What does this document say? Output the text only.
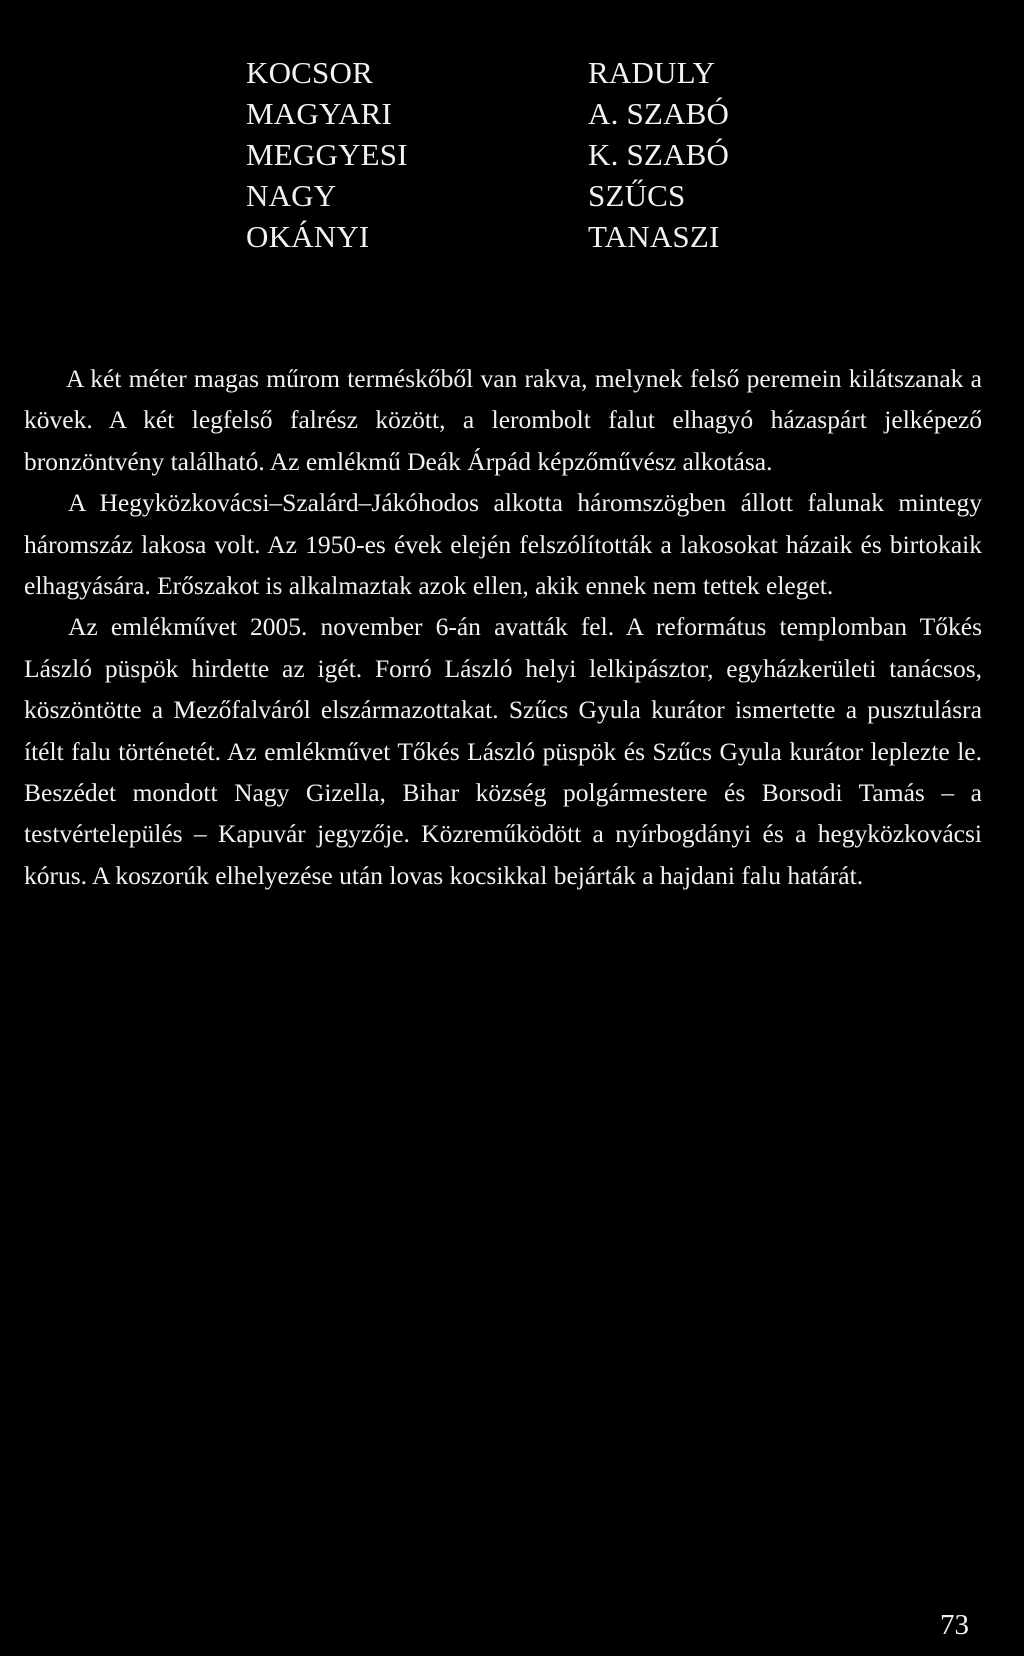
KOCSOR
MAGYARI
MEGGYESI
NAGY
OKÁNYI
RADULY
A. SZABÓ
K. SZABÓ
SZŰCS
TANASZI

A két méter magas műrom terméskőből van rakva, melynek felső peremein kilátszanak a kövek. A két legfelső falrész között, a lerombolt falut elhagyó házaspárt jelképező bronzöntvény található. Az emlékmű Deák Árpád képzőművész alkotása.

A Hegyközkovácsi–Szalárd–Jákóhodos alkotta háromszögben állott falunak mintegy háromszáz lakosa volt. Az 1950-es évek elején felszólították a lakosokat házaik és birtokaik elhagyására. Erőszakot is alkalmaztak azok ellen, akik ennek nem tettek eleget.

Az emlékművet 2005. november 6-án avatták fel. A református templomban Tőkés László püspök hirdette az igét. Forró László helyi lelkipásztor, egyházkerületi tanácsos, köszöntötte a Mezőfalváról elszármazottakat. Szűcs Gyula kurátor ismertette a pusztulásra ítélt falu történetét. Az emlékművet Tőkés László püspök és Szűcs Gyula kurátor leplezte le. Beszédet mondott Nagy Gizella, Bihar község polgármestere és Borsodi Tamás – a testvértelepülés – Kapuvár jegyzője. Közreműködött a nyírbogdányi és a hegyközkovácsi kórus. A koszorúk elhelyezése után lovas kocsikkal bejárták a hajdani falu határát.

73
